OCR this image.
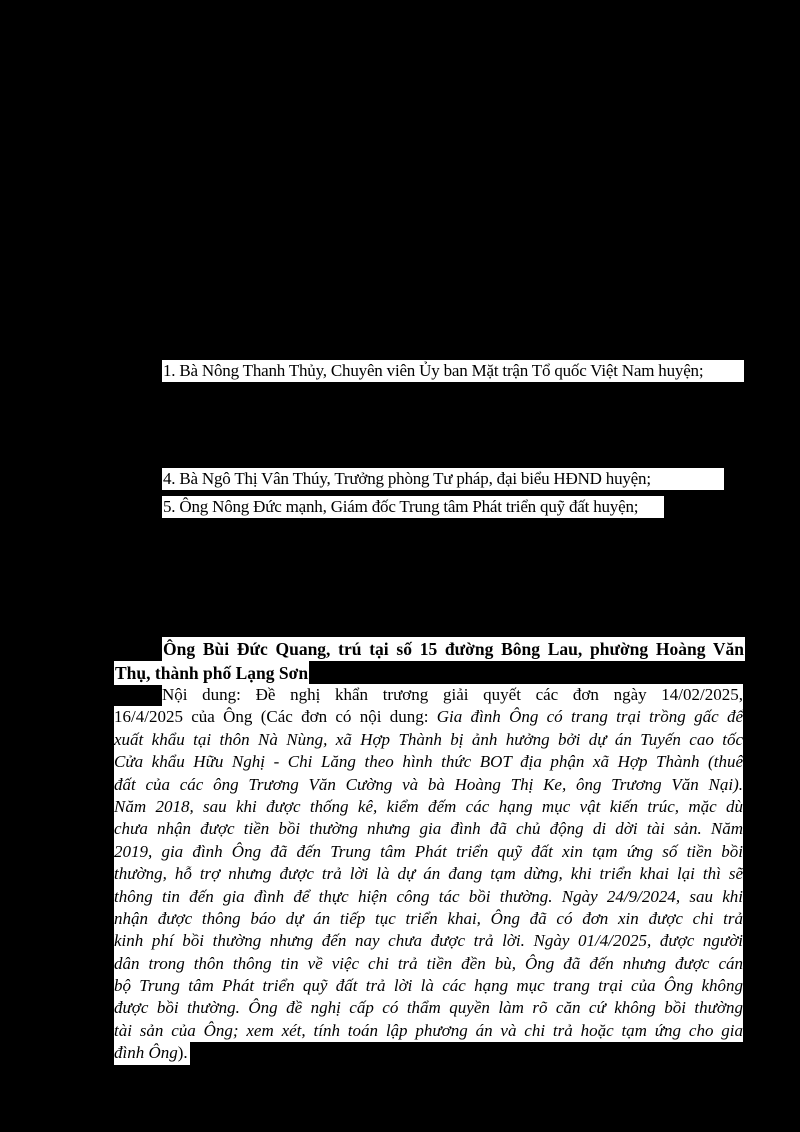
1. Bà Nông Thanh Thủy, Chuyên viên Ủy ban Mặt trận Tổ quốc Việt Nam huyện;
4. Bà Ngô Thị Vân Thúy, Trưởng phòng Tư pháp, đại biểu HĐND huyện;
5. Ông Nông Đức mạnh, Giám đốc Trung tâm Phát triển quỹ đất huyện;
Ông Bùi Đức Quang, trú tại số 15 đường Bông Lau, phường Hoàng Văn
Thụ, thành phố Lạng Sơn
Nội dung: Đề nghị khẩn trương giải quyết các đơn ngày 14/02/2025,
16/4/2025 của Ông (Các đơn có nội dung: Gia đình Ông có trang trại trồng gấc để
xuất khẩu tại thôn Nà Nùng, xã Hợp Thành bị ảnh hưởng bởi dự án Tuyến cao tốc
Cửa khẩu Hữu Nghị - Chi Lăng theo hình thức BOT địa phận xã Hợp Thành (thuê
đất của các ông Trương Văn Cường và bà Hoàng Thị Ke, ông Trương Văn Nại).
Năm 2018, sau khi được thống kê, kiểm đếm các hạng mục vật kiến trúc, mặc dù
chưa nhận được tiền bồi thường nhưng gia đình đã chủ động di dời tài sản. Năm
2019, gia đình Ông đã đến Trung tâm Phát triển quỹ đất xin tạm ứng số tiền bồi
thường, hỗ trợ nhưng được trả lời là dự án đang tạm dừng, khi triển khai lại thì sẽ
thông tin đến gia đình để thực hiện công tác bồi thường. Ngày 24/9/2024, sau khi
nhận được thông báo dự án tiếp tục triển khai, Ông đã có đơn xin được chi trả
kinh phí bồi thường nhưng đến nay chưa được trả lời. Ngày 01/4/2025, được người
dân trong thôn thông tin về việc chi trả tiền đền bù, Ông đã đến nhưng được cán
bộ Trung tâm Phát triển quỹ đất trả lời là các hạng mục trang trại của Ông không
được bồi thường. Ông đề nghị cấp có thẩm quyền làm rõ căn cứ không bồi thường
tài sản của Ông; xem xét, tính toán lập phương án và chi trả hoặc tạm ứng cho gia
đình Ông).
